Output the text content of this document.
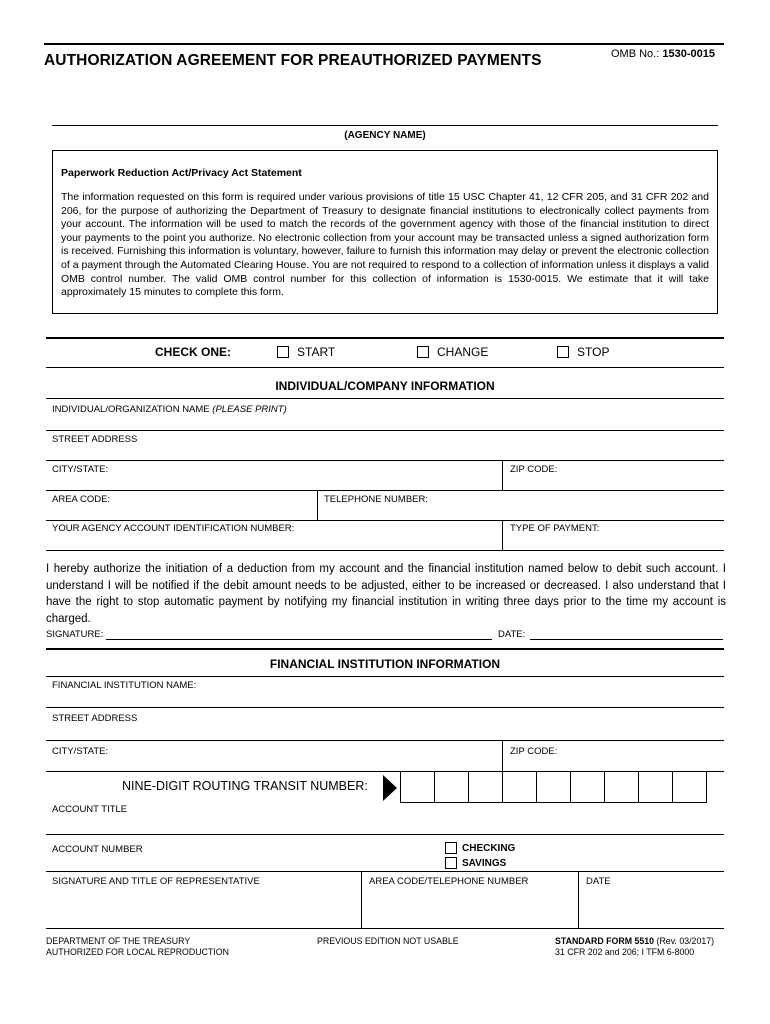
AUTHORIZATION AGREEMENT FOR PREAUTHORIZED PAYMENTS	OMB No.: 1530-0015
(AGENCY NAME)
Paperwork Reduction Act/Privacy Act Statement
The information requested on this form is required under various provisions of title 15 USC Chapter 41, 12 CFR 205, and 31 CFR 202 and 206, for the purpose of authorizing the Department of Treasury to designate financial institutions to electronically collect payments from your account. The information will be used to match the records of the government agency with those of the financial institution to direct your payments to the point you authorize. No electronic collection from your account may be transacted unless a signed authorization form is received. Furnishing this information is voluntary, however, failure to furnish this information may delay or prevent the electronic collection of a payment through the Automated Clearing House. You are not required to respond to a collection of information unless it displays a valid OMB control number. The valid OMB control number for this collection of information is 1530-0015. We estimate that it will take approximately 15 minutes to complete this form.
CHECK ONE:	START	CHANGE	STOP
INDIVIDUAL/COMPANY INFORMATION
INDIVIDUAL/ORGANIZATION NAME (PLEASE PRINT)
STREET ADDRESS
CITY/STATE:	ZIP CODE:
AREA CODE:	TELEPHONE NUMBER:
YOUR AGENCY ACCOUNT IDENTIFICATION NUMBER:	TYPE OF PAYMENT:
I hereby authorize the initiation of a deduction from my account and the financial institution named below to debit such account. I understand I will be notified if the debit amount needs to be adjusted, either to be increased or decreased. I also understand that I have the right to stop automatic payment by notifying my financial institution in writing three days prior to the time my account is charged.
SIGNATURE:	DATE:
FINANCIAL INSTITUTION INFORMATION
FINANCIAL INSTITUTION NAME:
STREET ADDRESS
CITY/STATE:	ZIP CODE:
NINE-DIGIT ROUTING TRANSIT NUMBER:
ACCOUNT TITLE
ACCOUNT NUMBER	CHECKING
SAVINGS
SIGNATURE AND TITLE OF REPRESENTATIVE	AREA CODE/TELEPHONE NUMBER	DATE
DEPARTMENT OF THE TREASURY
AUTHORIZED FOR LOCAL REPRODUCTION
PREVIOUS EDITION NOT USABLE	STANDARD FORM 5510 (Rev. 03/2017)
31 CFR 202 and 206; I TFM 6-8000
